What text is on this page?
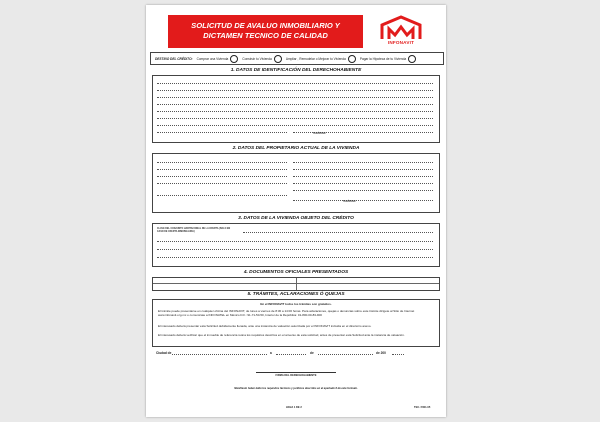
SOLICITUD DE AVALUO INMOBILIARIO Y
DICTAMEN TECNICO DE CALIDAD
INFONAVIT
DESTINO DEL CRÉDITO: Comprar una Vivienda	Construir tu Vivienda	Ampliar , Remodelar o Mejorar tu Vivienda	Pagar la Hipoteca de tu Vivienda
1. DATOS DE IDENTIFICACIÓN DEL DERECHOHABIENTE
TELÉFONO
2. DATOS DEL PROPIETARIO ACTUAL DE LA VIVIENDA
TELÉFONO
3. DATOS DE LA VIVIENDA OBJETO DEL CRÉDITO
CLAVE DEL CONJUNTO HABITACIONAL DE LA OFERTA (SOLO EN CASO DE OFERTA INMOBILIARIA)
4. DOCUMENTOS OFICIALES PRESENTADOS
5. TRÁMITES, ACLARACIONES Ó QUEJAS
En el INFONAVIT todos los trámites son gratuitos.
El trámite puede presentarse en cualquier oficina del INFONAVIT, de lunes a viernes de 8:30 a 14:00 horas. Para aclaraciones, quejas o denuncias sobre este trámite dirígete al Sitio de Internet www.infonavit.org.mx o comunícate a INFONATEL en México D.F.: 91-71-50-50, Interior de la República: 01-800-00-83-900
El interesado deberá presentar esta Solicitud debidamente llenada, ante una instancia de valuación autorizada por el INFONAVIT incluida en el directorio anexo.
El interesado deberá verificar que el inmueble de referencia reúna los requisitos descritos en el anverso de esta solicitud, antes de presentar esta Solicitud ante la instancia de valuación.
Ciudad de	a	de	de 200
FIRMA DEL DERECHOHABIENTE
Manifiesto haber leído los requisitos técnicos y jurídicos descritos en el apartado 6 de este formato.
HOJA 1 DE 2	TEC. F001-05
